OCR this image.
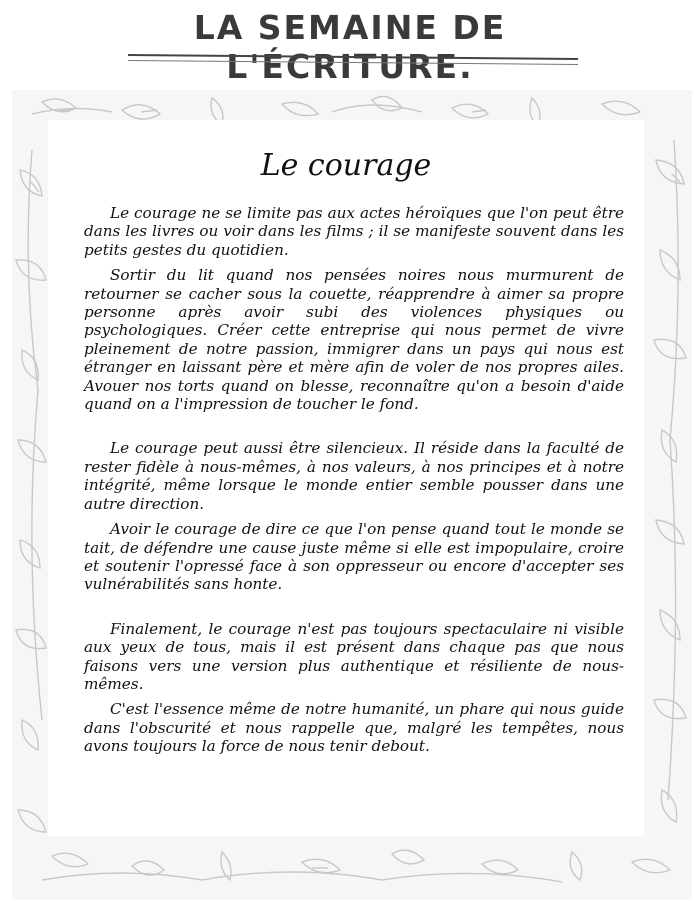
LA SEMAINE DE L'ÉCRITURE.
Le courage

Le courage ne se limite pas aux actes héroïques que l'on peut être dans les livres ou voir dans les films ; il se manifeste souvent dans les petits gestes du quotidien.

Sortir du lit quand nos pensées noires nous murmurent de retourner se cacher sous la couette, réapprendre à aimer sa propre personne après avoir subi des violences physiques ou psychologiques. Créer cette entreprise qui nous permet de vivre pleinement de notre passion, immigrer dans un pays qui nous est étranger en laissant père et mère afin de voler de nos propres ailes. Avouer nos torts quand on blesse, reconnaître qu'on a besoin d'aide quand on a l'impression de toucher le fond.

Le courage peut aussi être silencieux. Il réside dans la faculté de rester fidèle à nous-mêmes, à nos valeurs, à nos principes et à notre intégrité, même lorsque le monde entier semble pousser dans une autre direction.

Avoir le courage de dire ce que l'on pense quand tout le monde se tait, de défendre une cause juste même si elle est impopulaire, croire et soutenir l'opressé face à son oppresseur ou encore d'accepter ses vulnérabilités sans honte.

Finalement, le courage n'est pas toujours spectaculaire ni visible aux yeux de tous, mais il est présent dans chaque pas que nous faisons vers une version plus authentique et résiliente de nous-mêmes.

C'est l'essence même de notre humanité, un phare qui nous guide dans l'obscurité et nous rappelle que, malgré les tempêtes, nous avons toujours la force de nous tenir debout.
